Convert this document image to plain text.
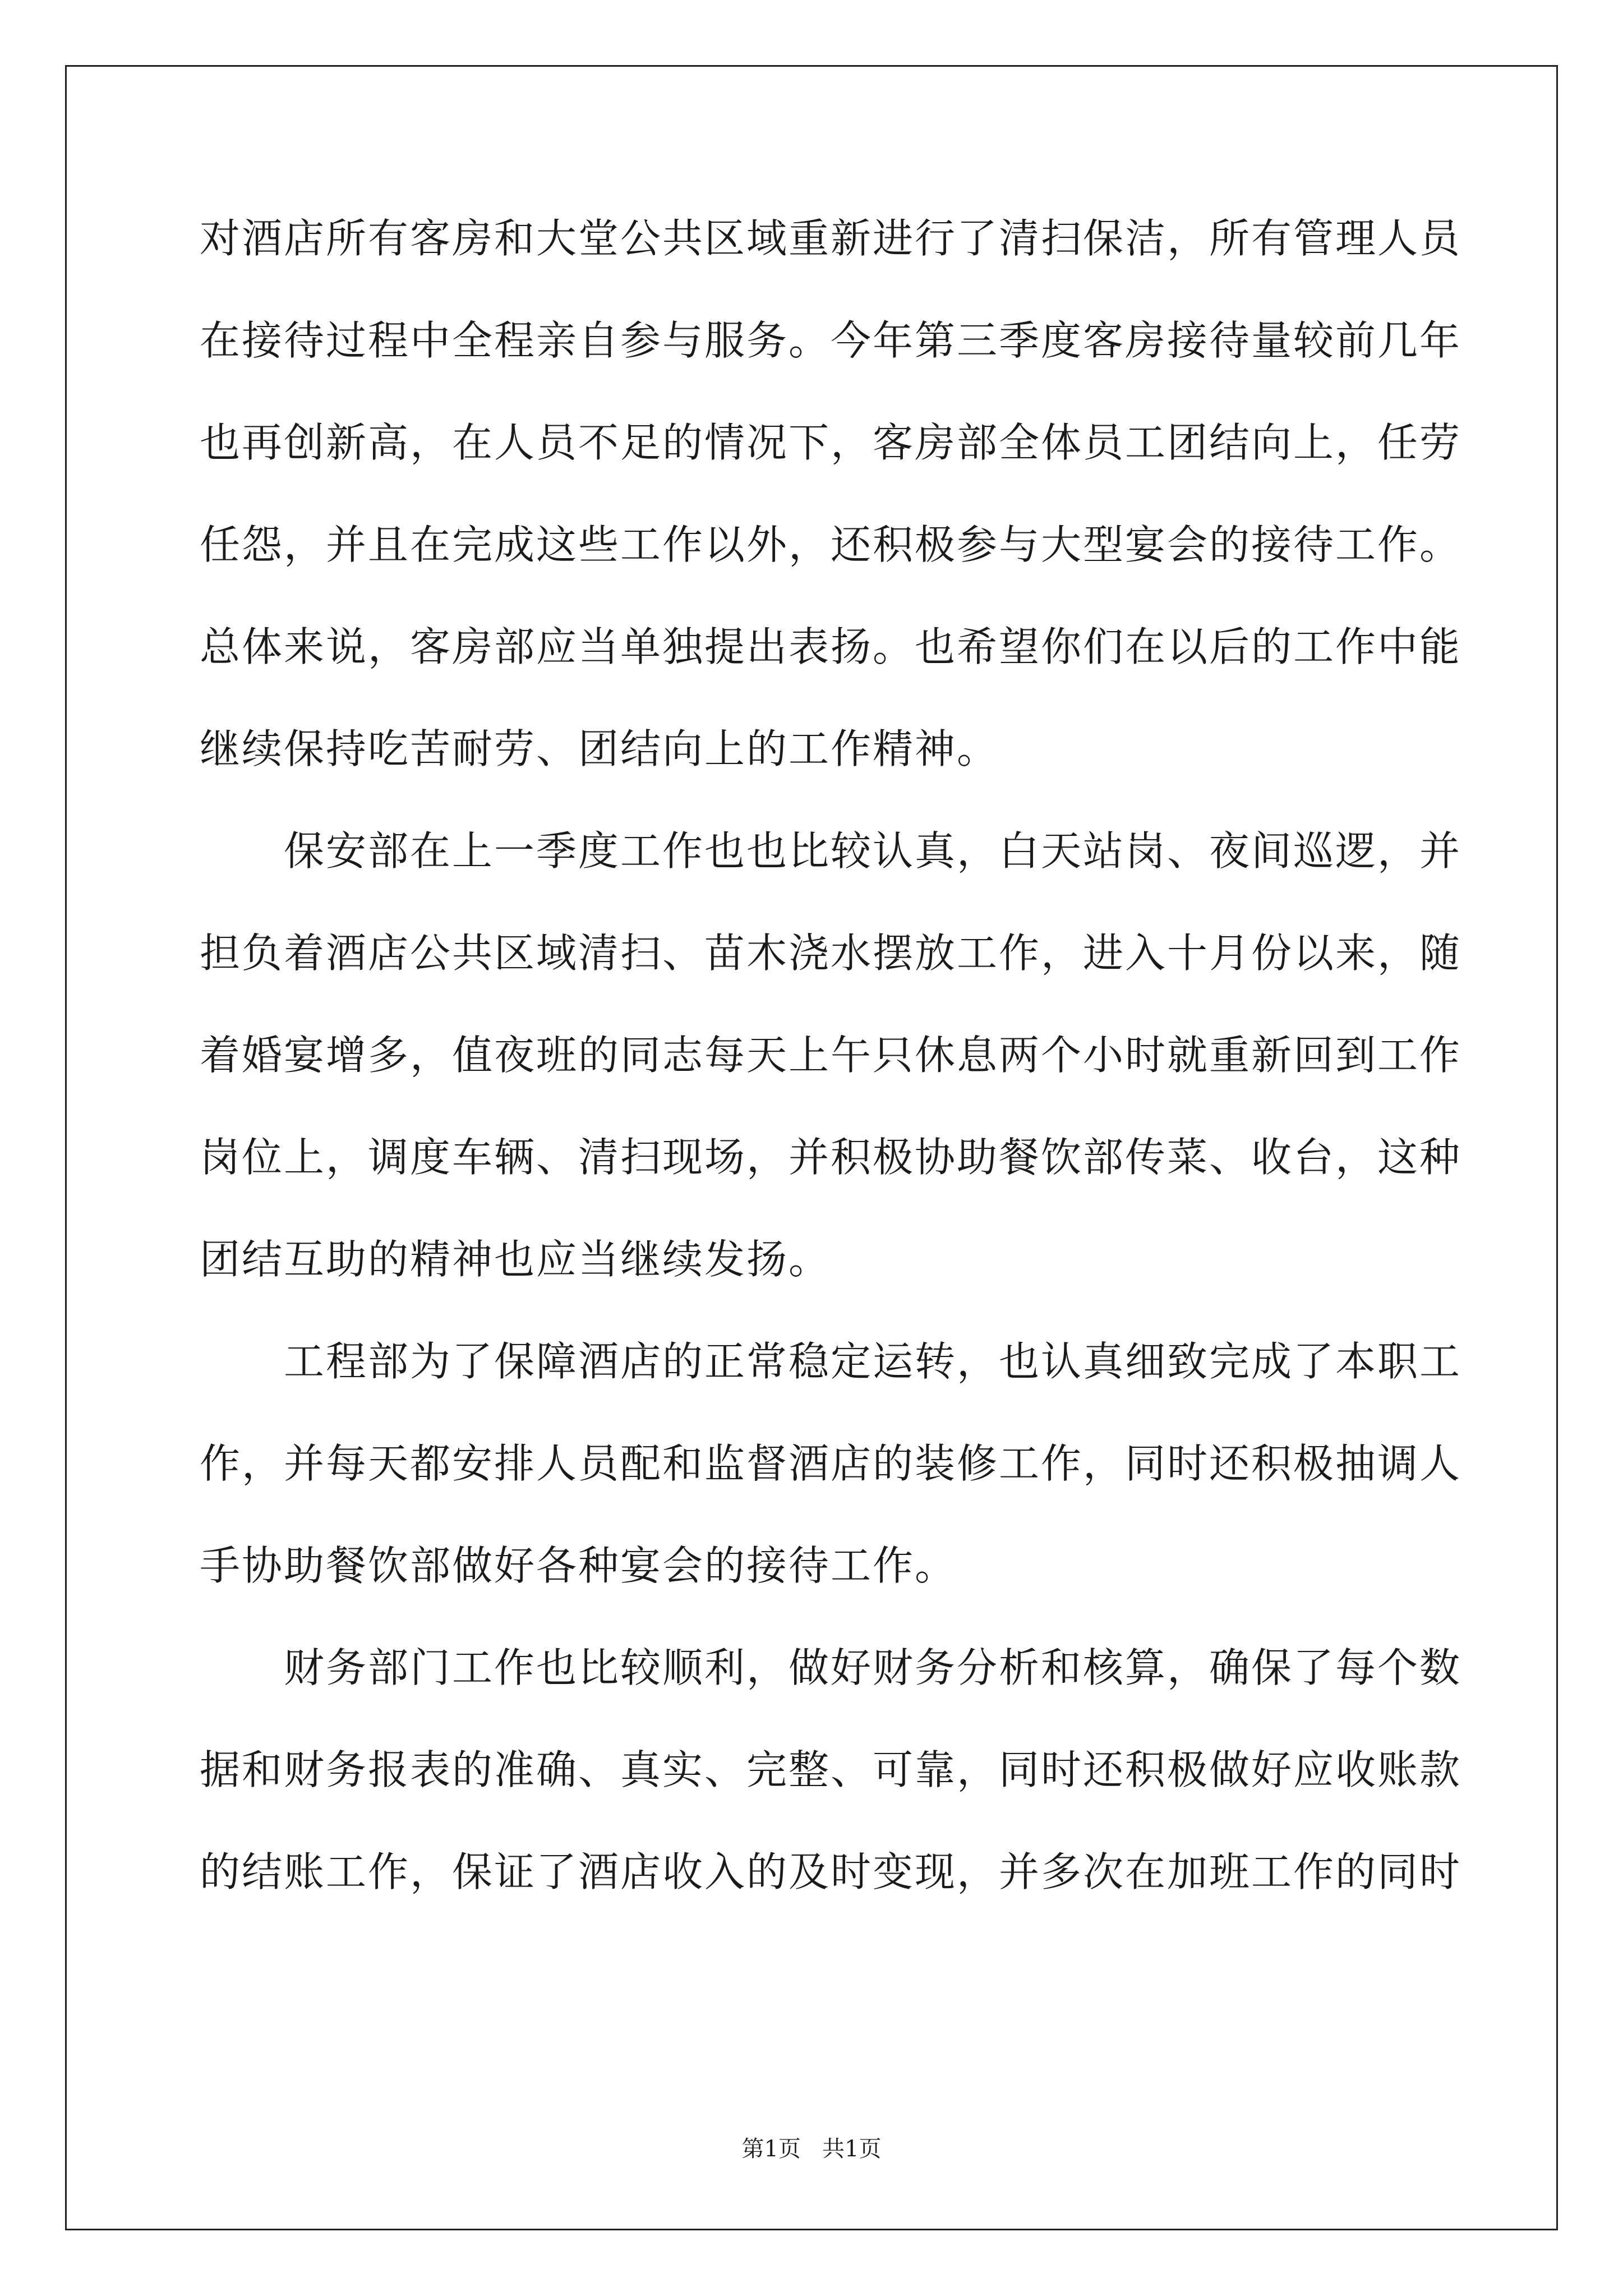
对酒店所有客房和大堂公共区域重新进行了清扫保洁，所有管理人员
在接待过程中全程亲自参与服务。今年第三季度客房接待量较前几年
也再创新高，在人员不足的情况下，客房部全体员工团结向上，任劳
任怨，并且在完成这些工作以外，还积极参与大型宴会的接待工作。
总体来说，客房部应当单独提出表扬。也希望你们在以后的工作中能
继续保持吃苦耐劳、团结向上的工作精神。
保安部在上一季度工作也也比较认真，白天站岗、夜间巡逻，并
担负着酒店公共区域清扫、苗木浇水摆放工作，进入十月份以来，随
着婚宴增多，值夜班的同志每天上午只休息两个小时就重新回到工作
岗位上，调度车辆、清扫现场，并积极协助餐饮部传菜、收台，这种
团结互助的精神也应当继续发扬。
工程部为了保障酒店的正常稳定运转，也认真细致完成了本职工
作，并每天都安排人员配和监督酒店的装修工作，同时还积极抽调人
手协助餐饮部做好各种宴会的接待工作。
财务部门工作也比较顺利，做好财务分析和核算，确保了每个数
据和财务报表的准确、真实、完整、可靠，同时还积极做好应收账款
的结账工作，保证了酒店收入的及时变现，并多次在加班工作的同时
第1页   共1页
